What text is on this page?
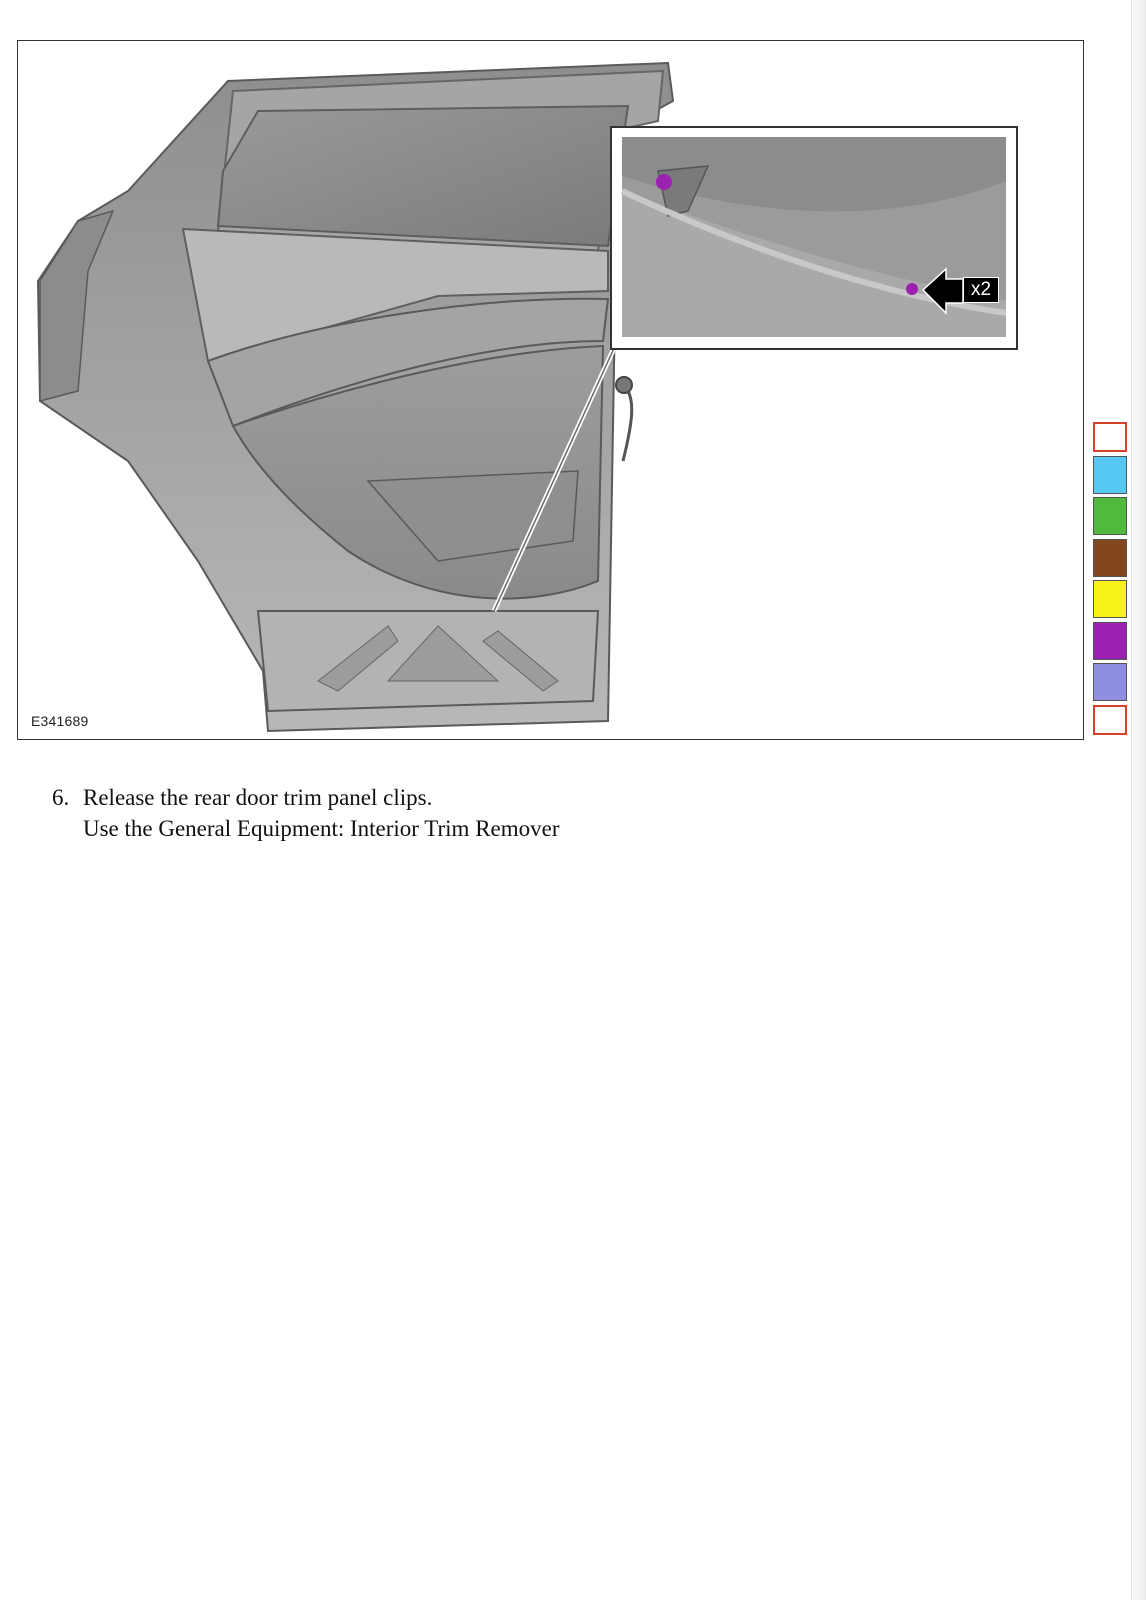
x2
E341689
6. Release the rear door trim panel clips.
Use the General Equipment: Interior Trim Remover
